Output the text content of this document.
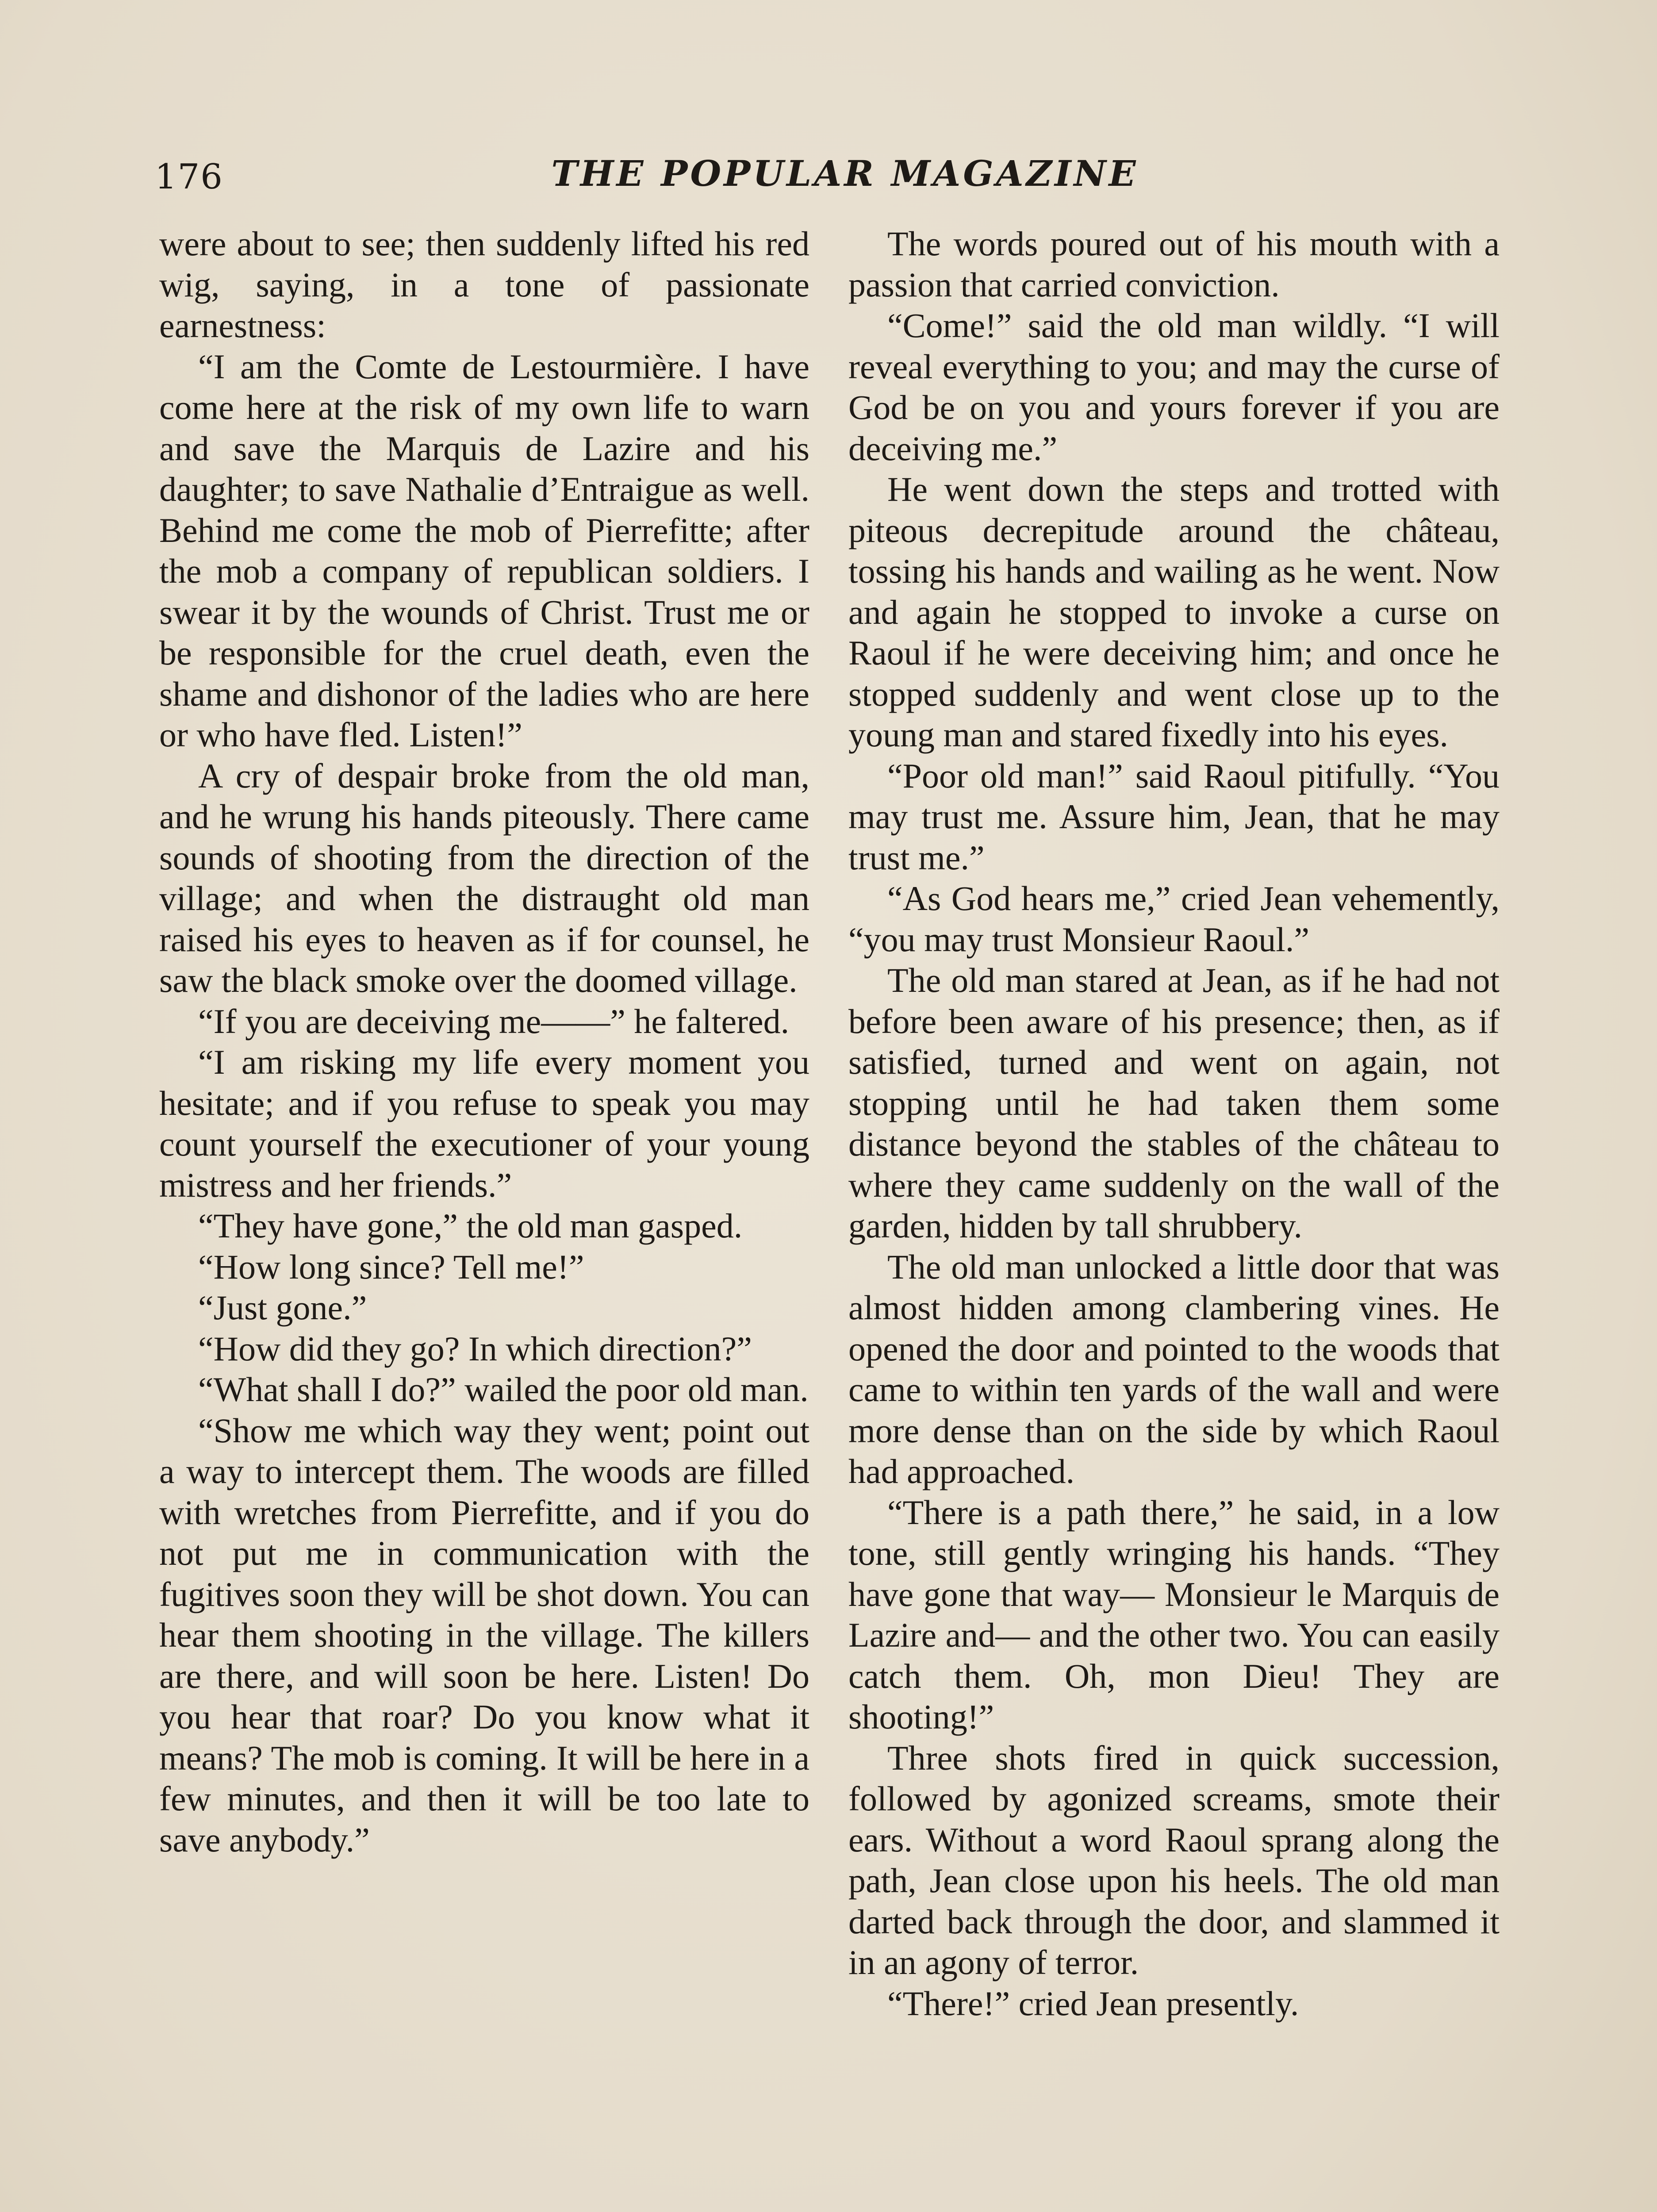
176	THE POPULAR MAGAZINE

were about to see; then suddenly lifted his red wig, saying, in a tone of passionate earnestness:

“I am the Comte de Lestourmière. I have come here at the risk of my own life to warn and save the Marquis de Lazire and his daughter; to save Nathalie d’Entraigue as well. Behind me come the mob of Pierrefitte; after the mob a company of republican soldiers. I swear it by the wounds of Christ. Trust me or be responsible for the cruel death, even the shame and dishonor of the ladies who are here or who have fled. Listen!”

A cry of despair broke from the old man, and he wrung his hands piteously. There came sounds of shooting from the direction of the village; and when the distraught old man raised his eyes to heaven as if for counsel, he saw the black smoke over the doomed village.

“If you are deceiving me——” he faltered.

“I am risking my life every moment you hesitate; and if you refuse to speak you may count yourself the executioner of your young mistress and her friends.”

“They have gone,” the old man gasped.

“How long since? Tell me!”

“Just gone.”

“How did they go? In which direction?”

“What shall I do?” wailed the poor old man.

“Show me which way they went; point out a way to intercept them. The woods are filled with wretches from Pierrefitte, and if you do not put me in communication with the fugitives soon they will be shot down. You can hear them shooting in the village. The killers are there, and will soon be here. Listen! Do you hear that roar? Do you know what it means? The mob is coming. It will be here in a few minutes, and then it will be too late to save anybody.”

The words poured out of his mouth with a passion that carried conviction.

“Come!” said the old man wildly. “I will reveal everything to you; and may the curse of God be on you and yours forever if you are deceiving me.”

He went down the steps and trotted with piteous decrepitude around the château, tossing his hands and wailing as he went. Now and again he stopped to invoke a curse on Raoul if he were deceiving him; and once he stopped suddenly and went close up to the young man and stared fixedly into his eyes.

“Poor old man!” said Raoul pitifully. “You may trust me. Assure him, Jean, that he may trust me.”

“As God hears me,” cried Jean vehemently, “you may trust Monsieur Raoul.”

The old man stared at Jean, as if he had not before been aware of his presence; then, as if satisfied, turned and went on again, not stopping until he had taken them some distance beyond the stables of the château to where they came suddenly on the wall of the garden, hidden by tall shrubbery.

The old man unlocked a little door that was almost hidden among clambering vines. He opened the door and pointed to the woods that came to within ten yards of the wall and were more dense than on the side by which Raoul had approached.

“There is a path there,” he said, in a low tone, still gently wringing his hands. “They have gone that way— Monsieur le Marquis de Lazire and— and the other two. You can easily catch them. Oh, mon Dieu! They are shooting!”

Three shots fired in quick succession, followed by agonized screams, smote their ears. Without a word Raoul sprang along the path, Jean close upon his heels. The old man darted back through the door, and slammed it in an agony of terror.

“There!” cried Jean presently.
